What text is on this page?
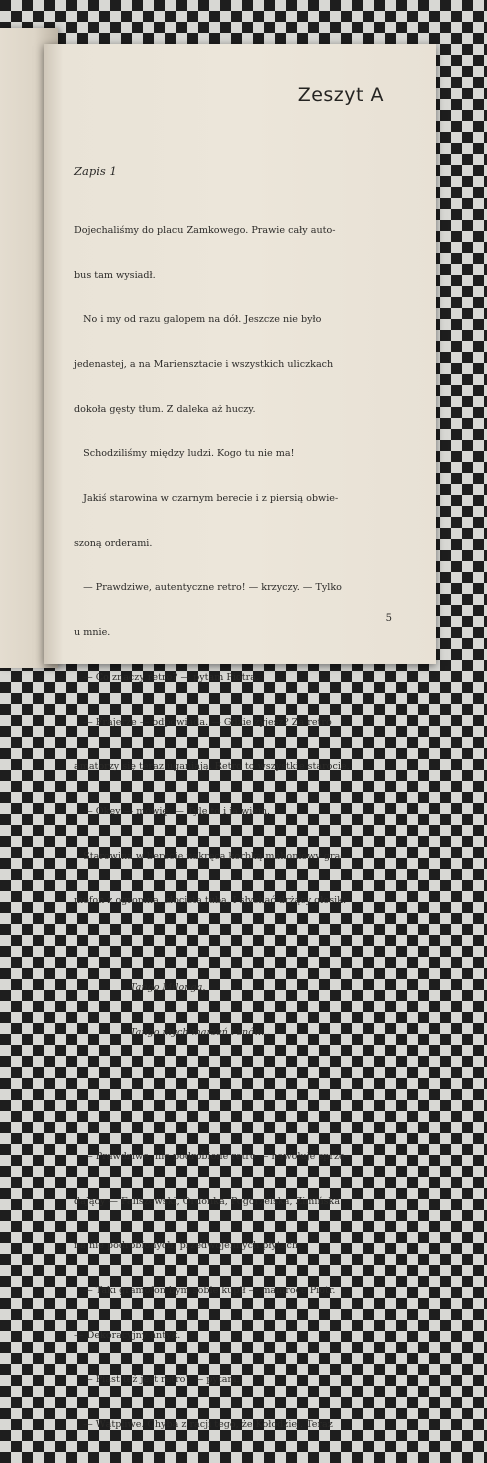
Zeszyt A
Zapis 1

Dojechaliśmy do placu Zamkowego. Prawie cały auto-

bus tam wysiadł.

No i my od razu galopem na dół. Jeszcze nie było

jedenastej, a na Mariensztacie i wszystkich uliczkach

dokoła gęsty tłum. Z daleka aż huczy.

Schodziliśmy między ludzi. Kogo tu nie ma!

Jakiś starowina w czarnym berecie i z piersią obwie-

szoną orderami.

— Prawdziwe, autentyczne retro! — krzyczy. — Tylko

u mnie.

— Co znaczy retro? — pytam Piotra.

— Frajerze — odpowiada. — Gdzie żyjesz? Za retro

amatorzy się teraz uganiają. Retro to wszystkie starocie.

— Okey — mówię. — Tyle to i ja wiem.

Starowina w berecie nakręca korbką mahoniowy gra-

mofon z ogromną, złocistą tubą. I słychać drżący głosik:

Tango Milonga,

Tango mych marzeń i snów...

— Prawdziwe, nie podrobione retro — nawołuje sprze-

dający — Faliszewski, Ordonka, Pogorzelska, Zimińska

na nie podrobionych, przedwojennych płytach.

— Taki gramofon bym sobie kupił — mamroce Piotr.

— Dekoracyjny antyk.

— Piast też jest retro? — pytam.

— Wątpliwe. Chyba z racji tego, że Kołodziej. Teraz

5
